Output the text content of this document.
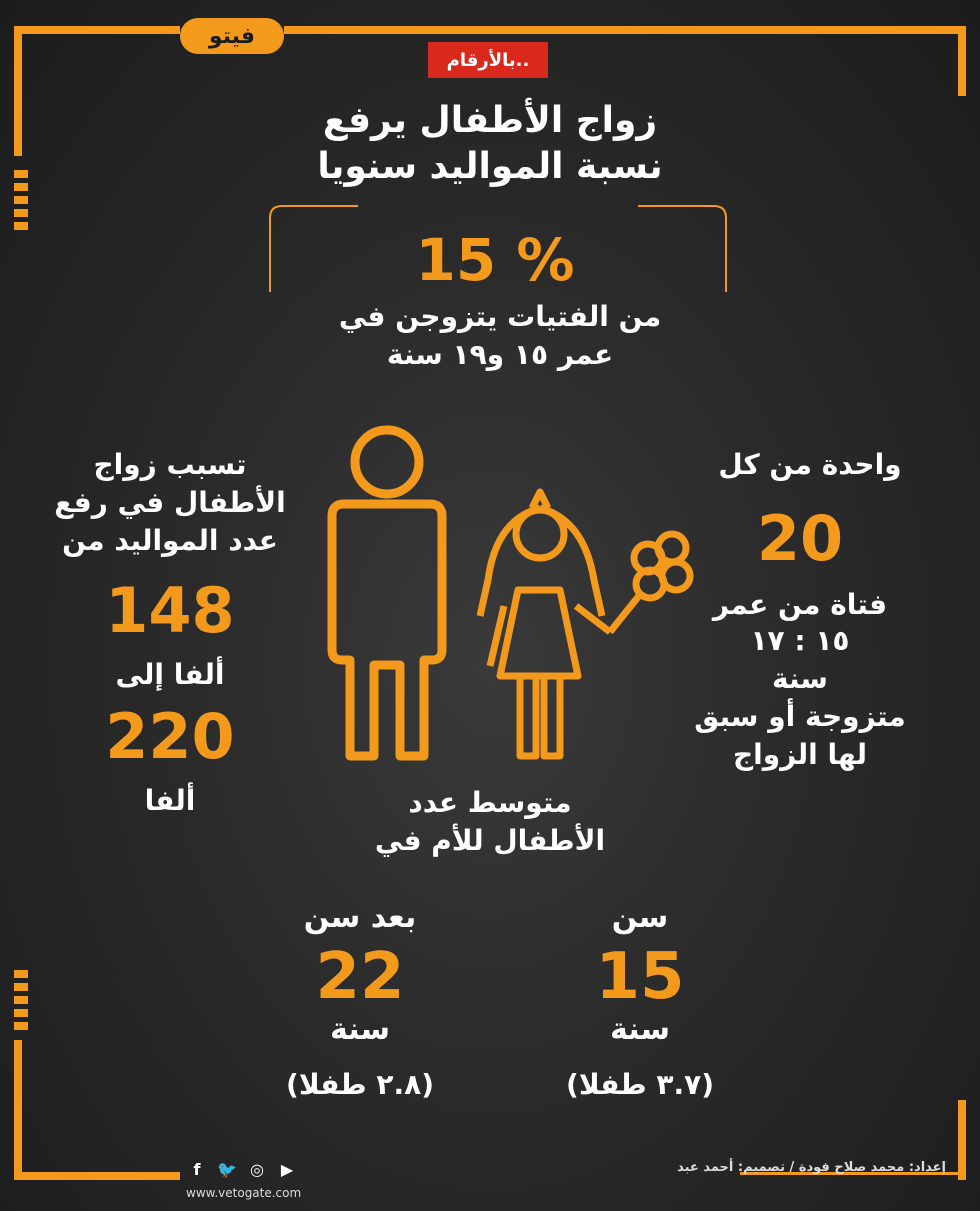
فيتو
بالأرقام..
زواج الأطفال يرفع
نسبة المواليد سنويا
15 %
من الفتيات يتزوجن في
عمر ١٥ و١٩ سنة
تسبب زواج
الأطفال في رفع
عدد المواليد من
148
ألفا إلى
220
ألفا
واحدة من كل
20
فتاة من عمر
١٥ : ١٧
سنة
متزوجة أو سبق
لها الزواج
متوسط عدد
الأطفال للأم في
بعد سن
22
سنة
(٢.٨ طفلا)
سن
15
سنة
(٣.٧ طفلا)
f	🐦 ◎	▶
www.vetogate.com
إعداد: محمد صلاح فودة / تصميم: أحمد عبد
